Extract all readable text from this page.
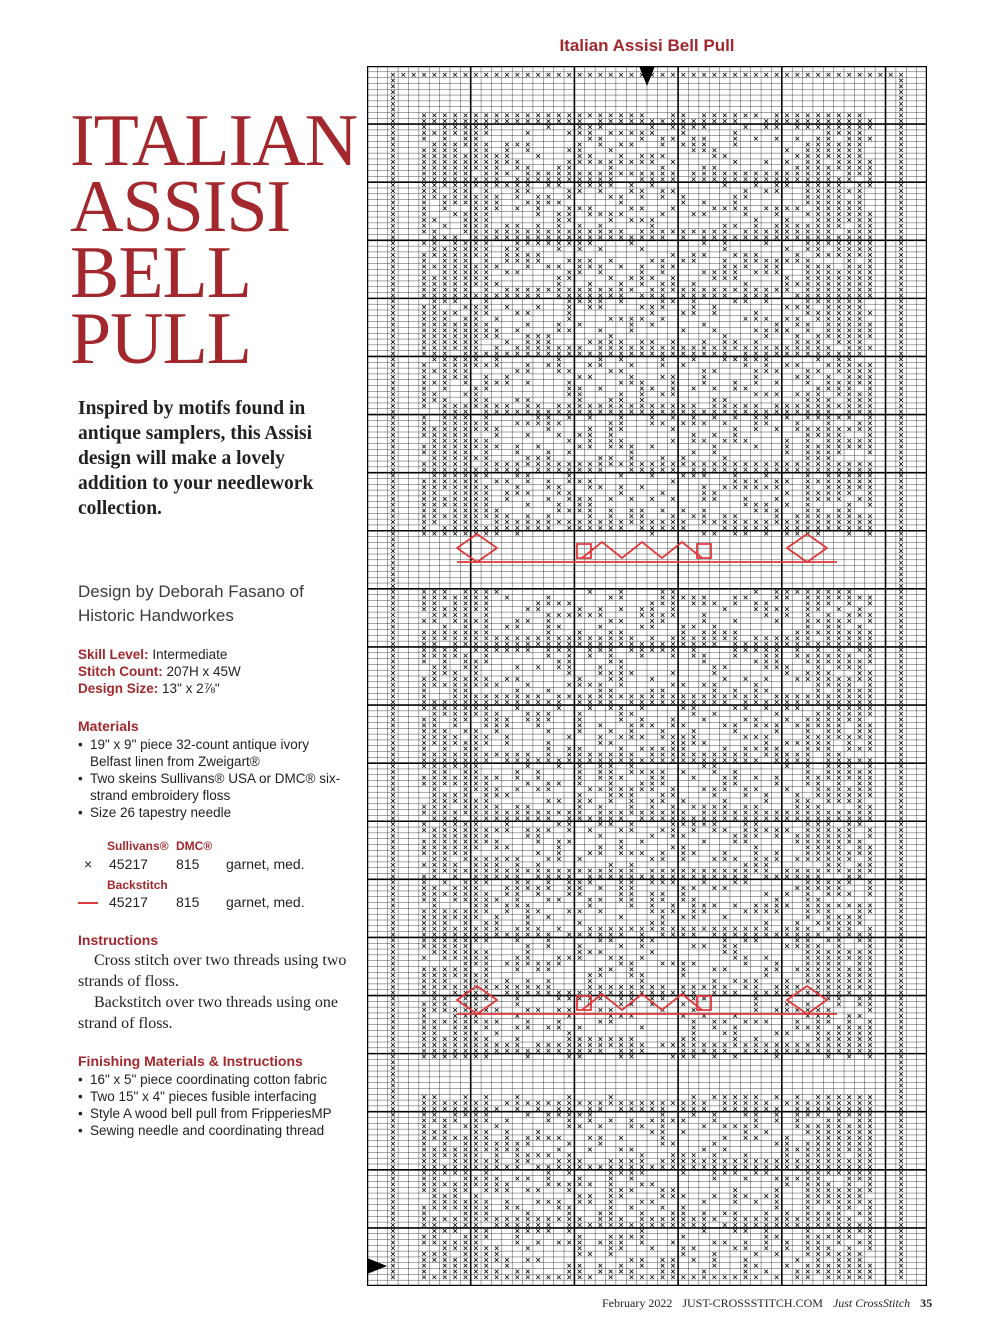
Italian Assisi Bell Pull
ITALIAN
ASSISI
BELL
PULL
Inspired by motifs found in antique samplers, this Assisi design will make a lovely addition to your needlework collection.
Design by Deborah Fasano of Historic Handworkes
Skill Level: Intermediate
Stitch Count: 207H x 45W
Design Size: 13" x 2⅞"
Materials
• 19" x 9" piece 32-count antique ivory Belfast linen from Zweigart®
• Two skeins Sullivans® USA or DMC® six-strand embroidery floss
• Size 26 tapestry needle
Sullivans® DMC®
× 45217 815 garnet, med.
Backstitch
45217 815 garnet, med.
Instructions

Cross stitch over two threads using two strands of floss.

Backstitch over two threads using one strand of floss.

Finishing Materials & Instructions
• 16" x 5" piece coordinating cotton fabric
• Two 15" x 4" pieces fusible interfacing
• Style A wood bell pull from FripperiesMP
• Sewing needle and coordinating thread
February 2022 JUST-CROSSSTITCH.COM Just CrossStitch 35
